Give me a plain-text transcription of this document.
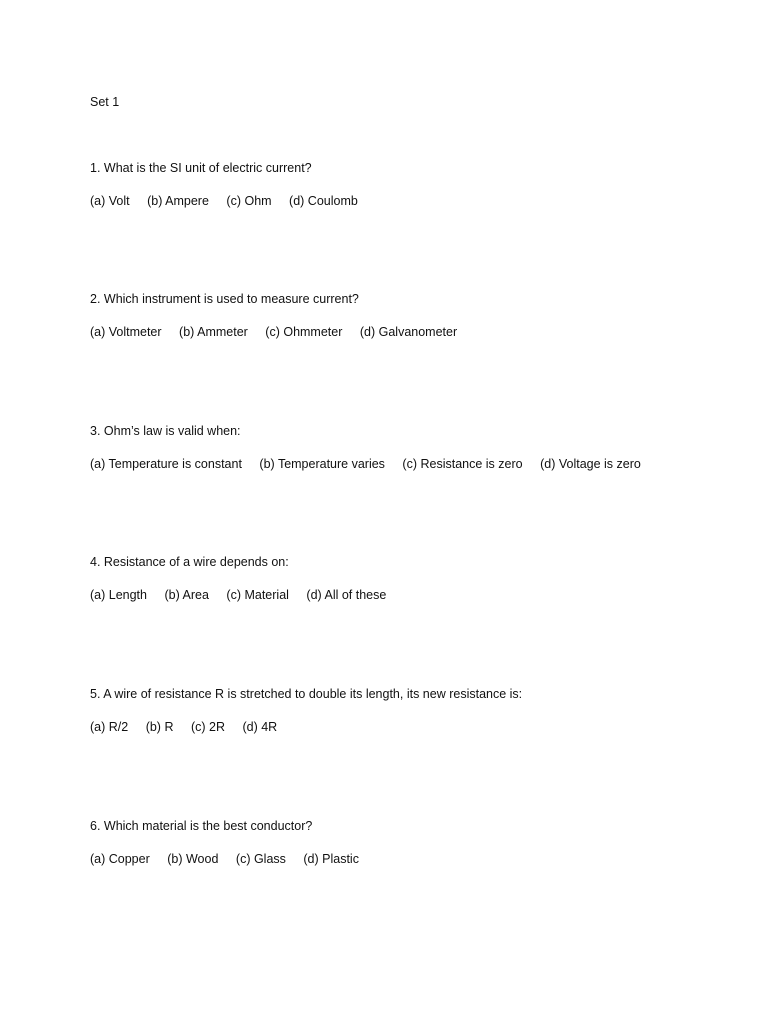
Set 1

1. What is the SI unit of electric current?

(a) Volt (b) Ampere (c) Ohm (d) Coulomb

2. Which instrument is used to measure current?

(a) Voltmeter (b) Ammeter (c) Ohmmeter (d) Galvanometer

3. Ohm’s law is valid when:

(a) Temperature is constant (b) Temperature varies (c) Resistance is zero (d) Voltage is zero

4. Resistance of a wire depends on:

(a) Length (b) Area (c) Material (d) All of these

5. A wire of resistance R is stretched to double its length, its new resistance is:

(a) R/2 (b) R (c) 2R (d) 4R

6. Which material is the best conductor?

(a) Copper (b) Wood (c) Glass (d) Plastic
